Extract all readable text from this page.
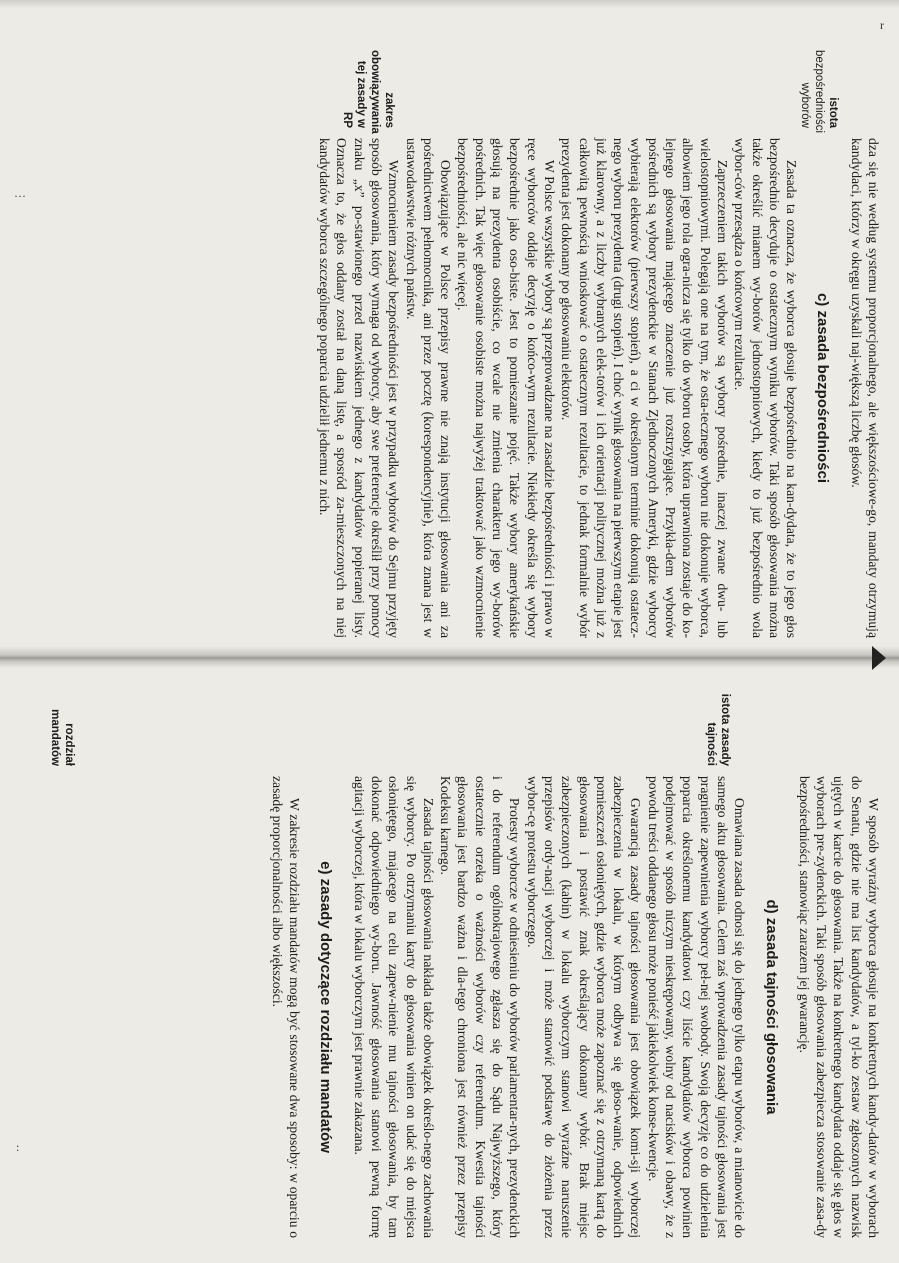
r
…
:
istota
bezpośredniości
wyborów
zakres
obowiązywania
tej zasady w RP

dza się nie według systemu proporcjonalnego, ale większościowe-go, mandaty otrzymują kandydaci, którzy w okręgu uzyskali naj-większą liczbę głosów.

c) zasada bezpośredniości

Zasada ta oznacza, że wyborca głosuje bezpośrednio na kan-dydata, że to jego głos bezpośrednio decyduje o ostatecznym wyniku wyborów. Taki sposób głosowania można także określić mianem wy-borów jednostopniowych, kiedy to już bezpośrednio wola wybor-ców przesądza o końcowym rezultacie.

Zaprzeczeniem takich wyborów są wybory pośrednie, inaczej zwane dwu- lub wielostopniowymi. Polegają one na tym, że osta-tecznego wyboru nie dokonuje wyborca, albowiem jego rola ogra-nicza się tylko do wyboru osoby, która uprawniona zostaje do ko-lejnego głosowania mającego znaczenie już rozstrzygające. Przykła-dem wyborów pośrednich są wybory prezydenckie w Stanach Zjednoczonych Ameryki, gdzie wyborcy wybierają elektorów (pierwszy stopień), a ci w określonym terminie dokonują ostatecz-nego wyboru prezydenta (drugi stopień). I choć wynik głosowania na pierwszym etapie jest już klarowny, a z liczby wybranych elek-torów i ich orientacji politycznej można już z całkowitą pewnością wnioskować o ostatecznym rezultacie, to jednak formalnie wybór prezydenta jest dokonany po głosowaniu elektorów.

W Polsce wszystkie wybory są przeprowadzane na zasadzie bezpośredniości i prawo w ręce wyborców oddaje decyzję o końco-wym rezultacie. Niekiedy określa się wybory bezpośrednie jako oso-biste. Jest to pomieszanie pojęć. Także wybory amerykańskie głosują na prezydenta osobiście, co wcale nie zmienia charakteru jego wy-borów pośrednich. Tak więc głosowanie osobiste można najwyżej traktować jako wzmocnienie bezpośredniości, ale nic więcej.

Obowiązujące w Polsce przepisy prawne nie znają instytucji głosowania ani za pośrednictwem pełnomocnika, ani przez pocztę (korespondencyjnie), która znana jest w ustawodawstwie różnych państw.

Wzmocnieniem zasady bezpośredniości jest w przypadku wyborów do Sejmu przyjęty sposób głosowania, który wymaga od wyborcy, aby swe preferencje określił przy pomocy znaku „x” po-stawionego przed nazwiskiem jednego z kandydatów popieranej listy. Oznacza to, że głos oddany został na daną listę, a sposród za-mieszczonych na niej kandydatów wyborca szczególnego poparcia udzielił jednemu z nich.

istota zasady
tajności
rozdział
mandatów

W sposób wyraźny wyborca głosuje na konkretnych kandy-datów w wyborach do Senatu, gdzie nie ma list kandydatów, a tyl-ko zestaw zgłoszonych nazwisk ujętych w karcie do głosowania. Także na konkretnego kandydata oddaje się głos w wyborach pre-zydenckich. Taki sposób głosowania zabezpiecza stosowanie zasa-dy bezpośredniości, stanowiąc zarazem jej gwarancję.

d) zasada tajności głosowania

Omawiana zasada odnosi się do jednego tylko etapu wyborów, a mianowicie do samego aktu głosowania. Celem zaś wprowadzenia zasady tajności głosowania jest pragnienie zapewnienia wyborcy peł-nej swobody. Swoją decyzję co do udzielenia poparcia określonemu kandydatowi czy liście kandydatów wyborca powinien podejmować w sposób niczym nieskrępowany, wolny od nacisków i obawy, że z powodu treści oddanego głosu może ponieść jakiekolwiek konse-kwencje.

Gwarancją zasady tajności głosowania jest obowiązek komi-sji wyborczej zabezpieczenia w lokalu, w którym odbywa się głoso-wanie, odpowiednich pomieszczeń osłoniętych, gdzie wyborca może zapoznać się z otrzymaną kartą do głosowania i postawić znak określający dokonany wybór. Brak miejsc zabezpieczonych (kabin) w lokalu wyborczym stanowi wyraźne naruszenie przepisów ordy-nacji wyborczej i może stanowić podstawę do złożenia przez wybor-cę protestu wyborczego.

Protesty wyborcze w odniesieniu do wyborów parlamentar-nych, prezydenckich i do referendum ogólnokrajowego zgłasza się do Sądu Najwyższego, który ostatecznie orzeka o ważności wyborów czy referendum. Kwestia tajności głosowania jest bardzo ważna i dla-tego chroniona jest również przez przepisy Kodeksu karnego.

Zasada tajności głosowania nakłada także obowiązek określo-nego zachowania się wyborcy. Po otrzymaniu karty do głosowania winien on udać się do miejsca osłoniętego, majacego na celu zapew-nienie mu tajności głosowania, by tam dokonać odpowiedniego wy-boru. Jawność głosowania stanowi pewną formę agitacji wyborczej, która w lokalu wyborczym jest prawnie zakazana.

e) zasady dotyczące rozdziału mandatów

W zakresie rozdziału mandatów mogą być stosowane dwa sposoby: w oparciu o zasadę proporcjonalności albo większości.
